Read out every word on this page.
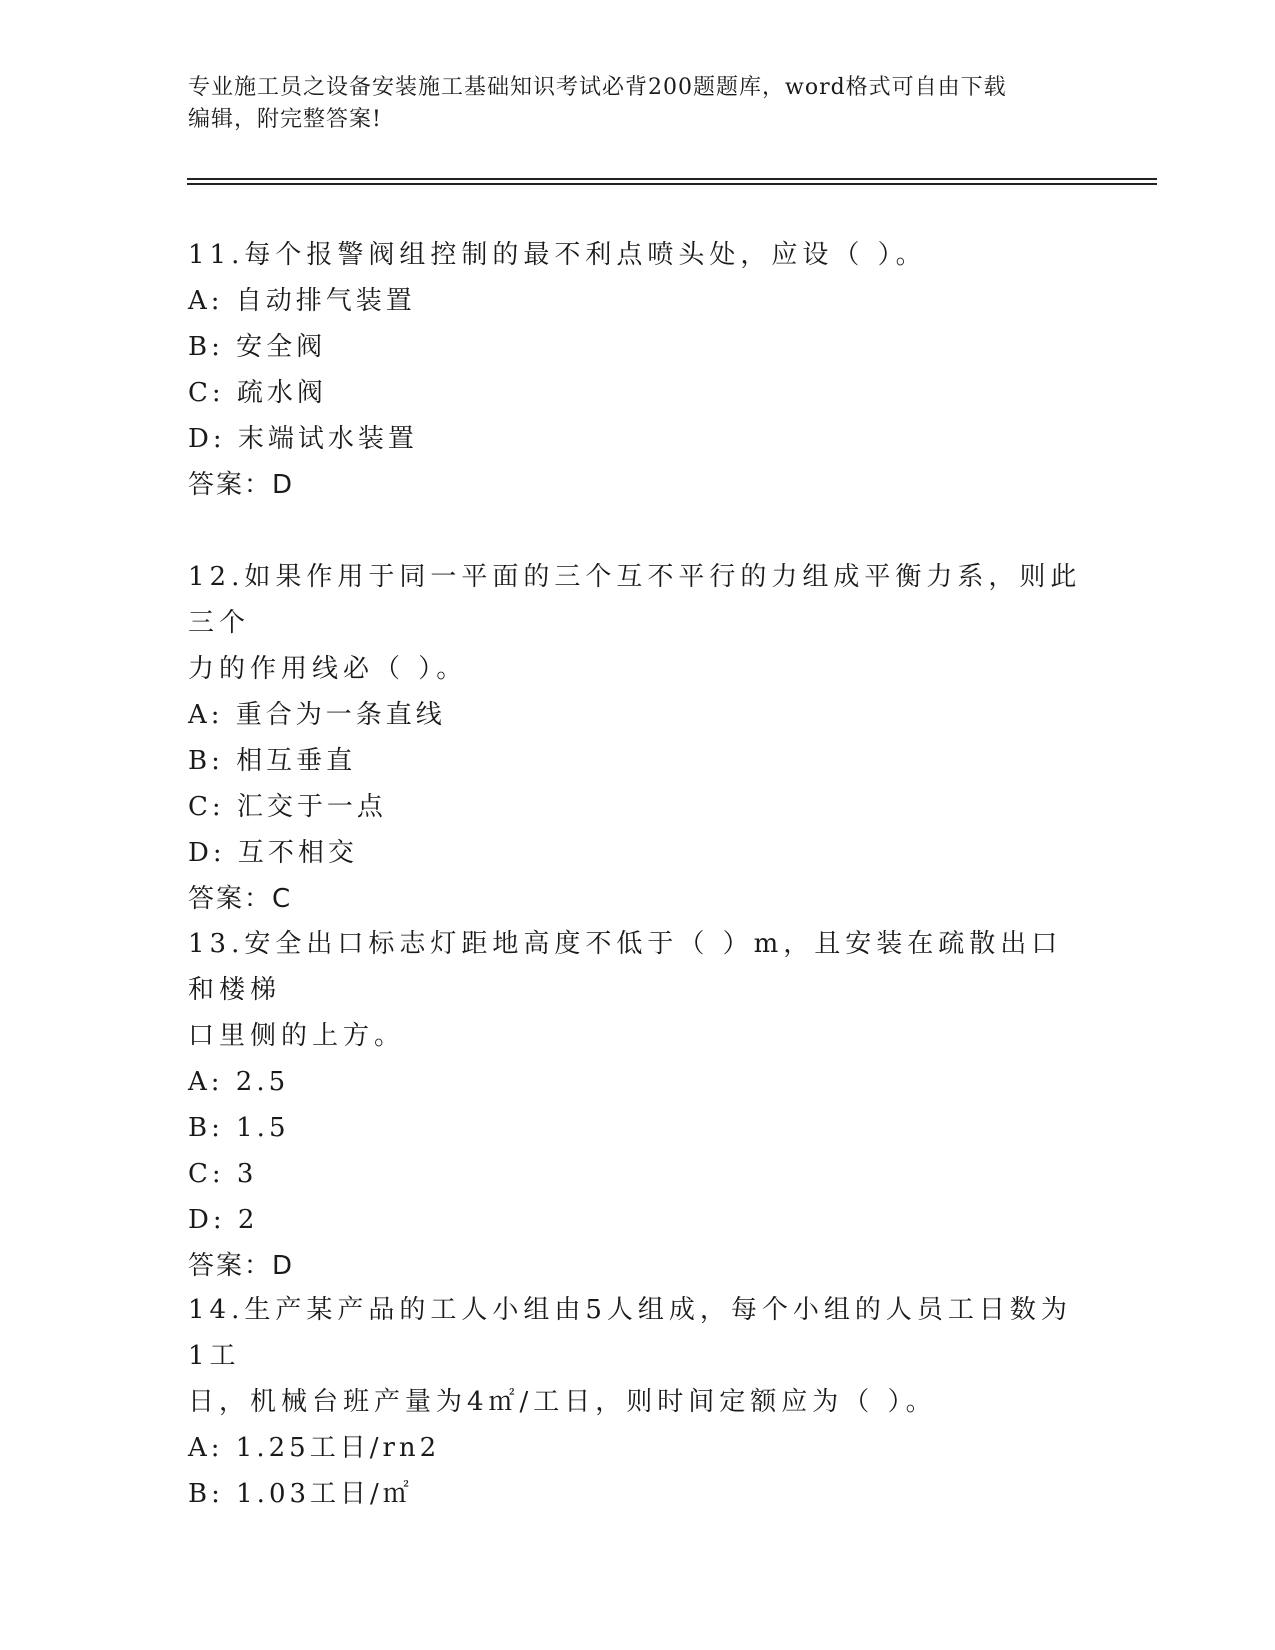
专业施工员之设备安装施工基础知识考试必背200题题库，word格式可自由下载
编辑，附完整答案!

11.每个报警阀组控制的最不利点喷头处，应设（ ）。

A: 自动排气装置

B: 安全阀

C: 疏水阀

D: 末端试水装置

答案：D

12.如果作用于同一平面的三个互不平行的力组成平衡力系，则此三个

力的作用线必（ ）。

A: 重合为一条直线

B: 相互垂直

C: 汇交于一点

D: 互不相交

答案：C

13.安全出口标志灯距地高度不低于（ ）m，且安装在疏散出口和楼梯

口里侧的上方。

A: 2.5

B: 1.5

C: 3

D: 2

答案：D

14.生产某产品的工人小组由5人组成，每个小组的人员工日数为1工

日，机械台班产量为4㎡/工日，则时间定额应为（ ）。

A: 1.25工日/rn2

B: 1.03工日/㎡
